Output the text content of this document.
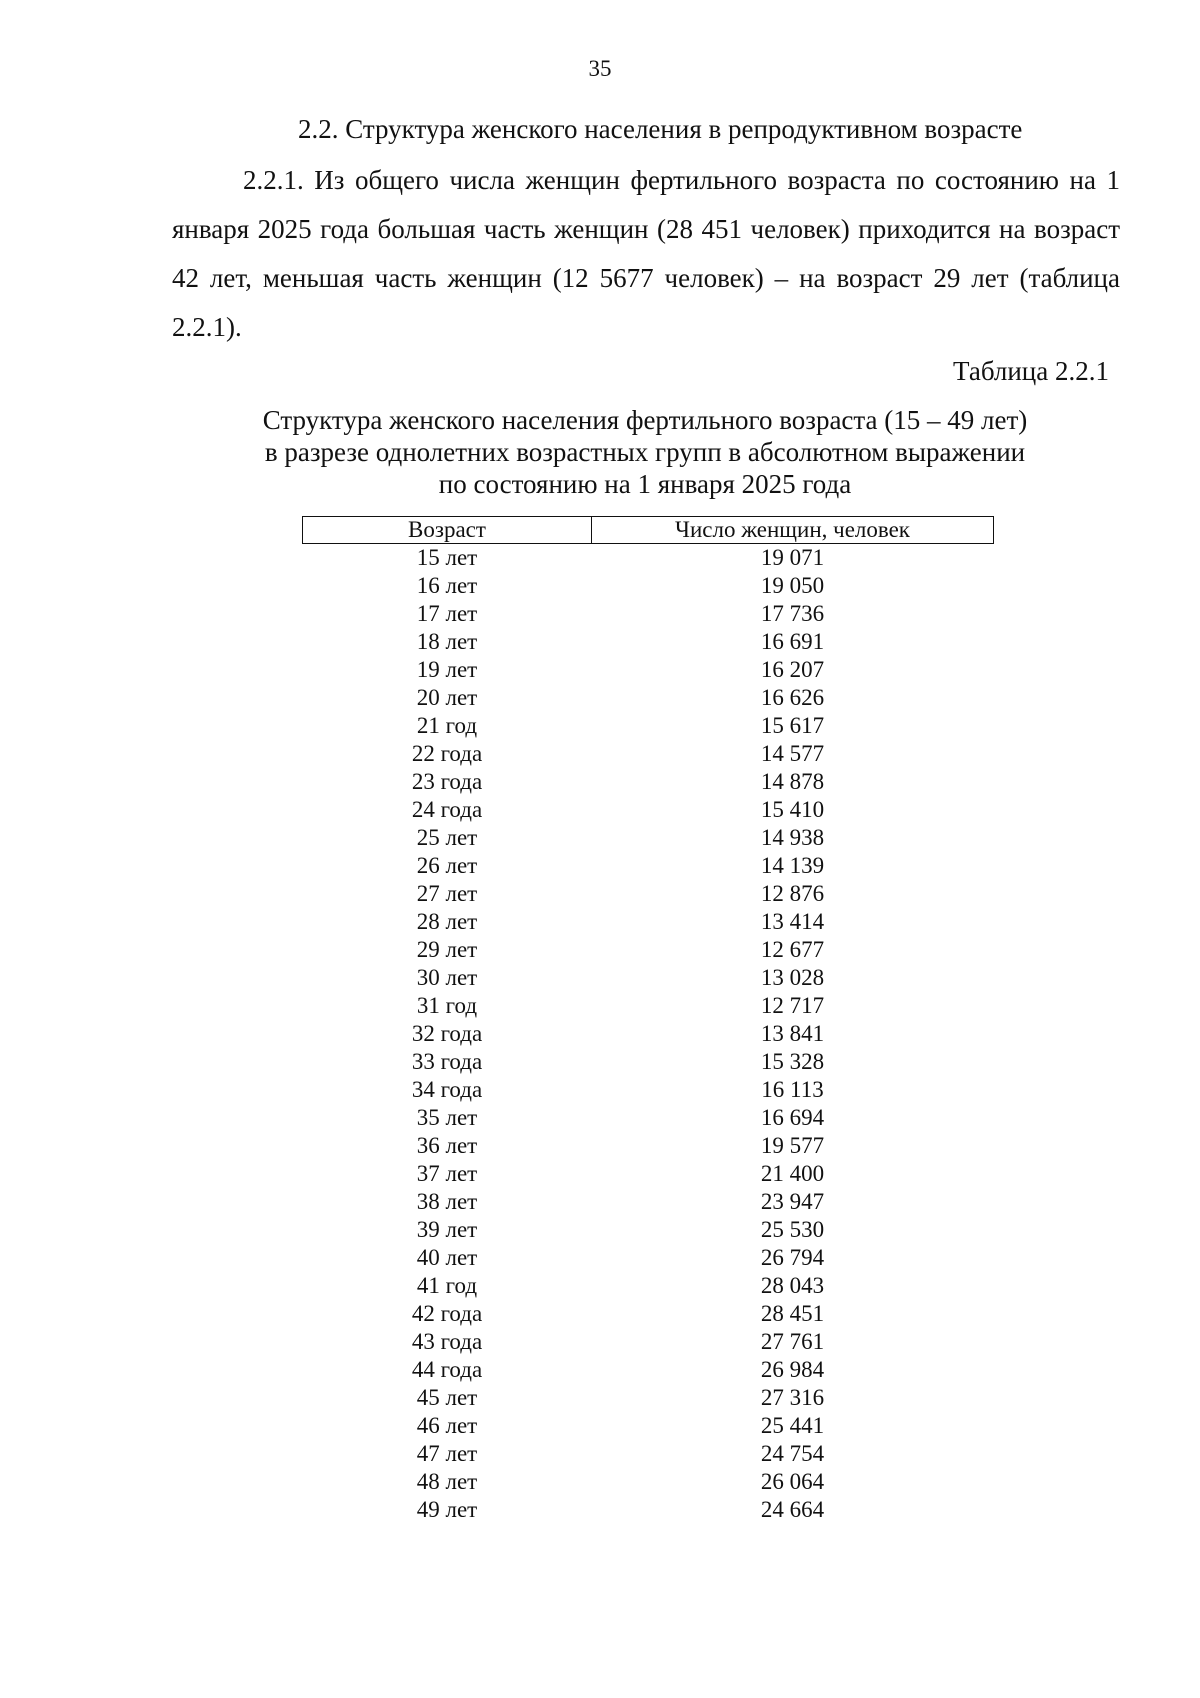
35
2.2. Структура женского населения в репродуктивном возрасте

2.2.1. Из общего числа женщин фертильного возраста по состоянию на 1 января 2025 года большая часть женщин (28 451 человек) приходится на возраст 42 лет, меньшая часть женщин (12 5677 человек) – на возраст 29 лет (таблица 2.2.1).

Таблица 2.2.1
Структура женского населения фертильного возраста (15 – 49 лет)
в разрезе однолетних возрастных групп в абсолютном выражении
по состоянию на 1 января 2025 года
Возраст	Число женщин, человек
15 лет	19 071
16 лет	19 050
17 лет	17 736
18 лет	16 691
19 лет	16 207
20 лет	16 626
21 год	15 617
22 года	14 577
23 года	14 878
24 года	15 410
25 лет	14 938
26 лет	14 139
27 лет	12 876
28 лет	13 414
29 лет	12 677
30 лет	13 028
31 год	12 717
32 года	13 841
33 года	15 328
34 года	16 113
35 лет	16 694
36 лет	19 577
37 лет	21 400
38 лет	23 947
39 лет	25 530
40 лет	26 794
41 год	28 043
42 года	28 451
43 года	27 761
44 года	26 984
45 лет	27 316
46 лет	25 441
47 лет	24 754
48 лет	26 064
49 лет	24 664
